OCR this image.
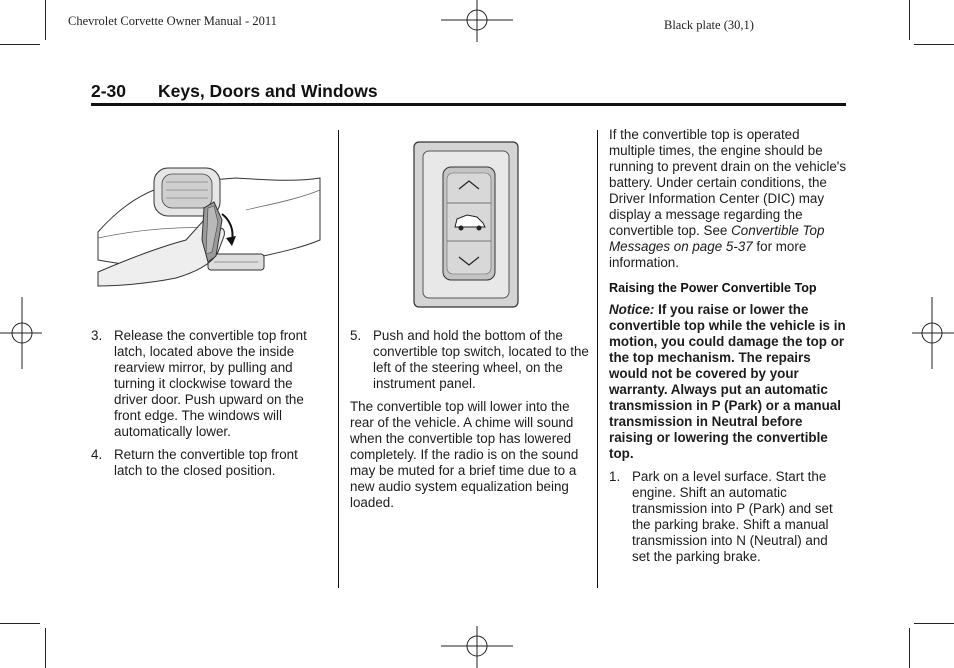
Chevrolet Corvette Owner Manual - 2011	Black plate (30,1)
2-30 Keys, Doors and Windows
3. Release the convertible top front latch, located above the inside rearview mirror, by pulling and turning it clockwise toward the driver door. Push upward on the front edge. The windows will automatically lower.

4. Return the convertible top front latch to the closed position.

5. Push and hold the bottom of the convertible top switch, located to the left of the steering wheel, on the instrument panel.

The convertible top will lower into the rear of the vehicle. A chime will sound when the convertible top has lowered completely. If the radio is on the sound may be muted for a brief time due to a new audio system equalization being loaded.

If the convertible top is operated multiple times, the engine should be running to prevent drain on the vehicle's battery. Under certain conditions, the Driver Information Center (DIC) may display a message regarding the convertible top. See Convertible Top Messages on page 5-37 for more information.

Raising the Power Convertible Top

Notice: If you raise or lower the convertible top while the vehicle is in motion, you could damage the top or the top mechanism. The repairs would not be covered by your warranty. Always put an automatic transmission in P (Park) or a manual transmission in Neutral before raising or lowering the convertible top.

1. Park on a level surface. Start the engine. Shift an automatic transmission into P (Park) and set the parking brake. Shift a manual transmission into N (Neutral) and set the parking brake.
